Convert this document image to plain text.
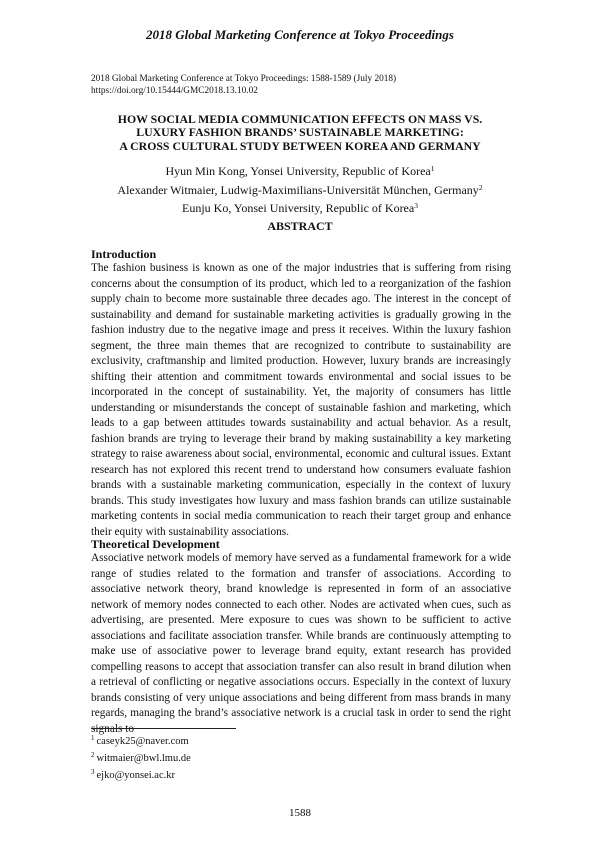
2018 Global Marketing Conference at Tokyo Proceedings
2018 Global Marketing Conference at Tokyo Proceedings: 1588-1589 (July 2018)
https://doi.org/10.15444/GMC2018.13.10.02
HOW SOCIAL MEDIA COMMUNICATION EFFECTS ON MASS VS.
LUXURY FASHION BRANDS’ SUSTAINABLE MARKETING:
A CROSS CULTURAL STUDY BETWEEN KOREA AND GERMANY
Hyun Min Kong, Yonsei University, Republic of Korea$^1$
Alexander Witmaier, Ludwig-Maximilians-Universität München, Germany$^2$
Eunju Ko, Yonsei University, Republic of Korea$^3$
ABSTRACT
Introduction

The fashion business is known as one of the major industries that is suffering from rising concerns about the consumption of its product, which led to a reorganization of the fashion supply chain to become more sustainable three decades ago. The interest in the concept of sustainability and demand for sustainable marketing activities is gradually growing in the fashion industry due to the negative image and press it receives. Within the luxury fashion segment, the three main themes that are recognized to contribute to sustainability are exclusivity, craftmanship and limited production. However, luxury brands are increasingly shifting their attention and commitment towards environmental and social issues to be incorporated in the concept of sustainability. Yet, the majority of consumers has little understanding or misunderstands the concept of sustainable fashion and marketing, which leads to a gap between attitudes towards sustainability and actual behavior. As a result, fashion brands are trying to leverage their brand by making sustainability a key marketing strategy to raise awareness about social, environmental, economic and cultural issues. Extant research has not explored this recent trend to understand how consumers evaluate fashion brands with a sustainable marketing communication, especially in the context of luxury brands. This study investigates how luxury and mass fashion brands can utilize sustainable marketing contents in social media communication to reach their target group and enhance their equity with sustainability associations.

Theoretical Development

Associative network models of memory have served as a fundamental framework for a wide range of studies related to the formation and transfer of associations. According to associative network theory, brand knowledge is represented in form of an associative network of memory nodes connected to each other. Nodes are activated when cues, such as advertising, are presented. Mere exposure to cues was shown to be sufficient to active associations and facilitate association transfer. While brands are continuously attempting to make use of associative power to leverage brand equity, extant research has provided compelling reasons to accept that association transfer can also result in brand dilution when a retrieval of conflicting or negative associations occurs. Especially in the context of luxury brands consisting of very unique associations and being different from mass brands in many regards, managing the brand’s associative network is a crucial task in order to send the right signals to

$^1$ caseyk25@naver.com
$^2$ witmaier@bwl.lmu.de
$^3$ ejko@yonsei.ac.kr
1588
